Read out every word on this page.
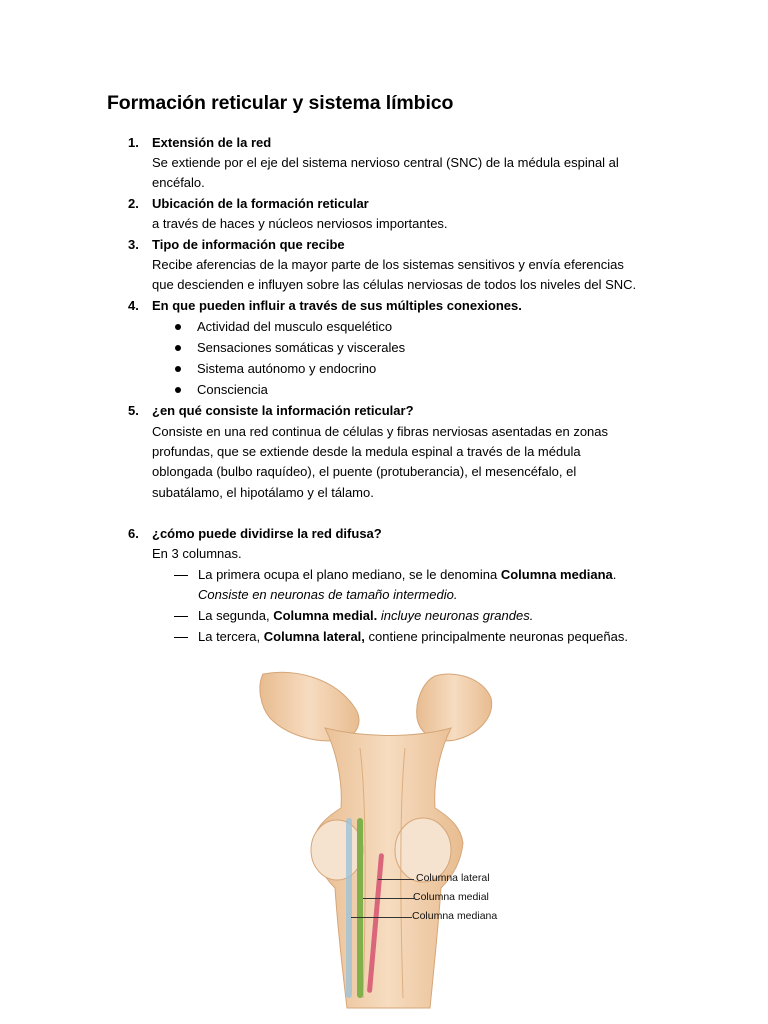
Formación reticular y sistema límbico
1.	Extensión de la red
Se extiende por el eje del sistema nervioso central (SNC) de la médula espinal al
encéfalo.
2.	Ubicación de la formación reticular
a través de haces y núcleos nerviosos importantes.
3.	Tipo de información que recibe
Recibe aferencias de la mayor parte de los sistemas sensitivos y envía eferencias
que descienden e influyen sobre las células nerviosas de todos los niveles del SNC.
4.	En que pueden influir a través de sus múltiples conexiones.
Actividad del musculo esquelético
Sensaciones somáticas y viscerales
Sistema autónomo y endocrino
Consciencia
5.	¿en qué consiste la información reticular?
Consiste en una red continua de células y fibras nerviosas asentadas en zonas
profundas, que se extiende desde la medula espinal a través de la médula
oblongada (bulbo raquídeo), el puente (protuberancia), el mesencéfalo, el
subatálamo, el hipotálamo y el tálamo.
6.	¿cómo puede dividirse la red difusa?
En 3 columnas.
La primera ocupa el plano mediano, se le denomina Columna mediana.
Consiste en neuronas de tamaño intermedio.
La segunda, Columna medial. incluye neuronas grandes.
La tercera, Columna lateral, contiene principalmente neuronas pequeñas.
Columna lateral
Columna medial
Columna mediana
